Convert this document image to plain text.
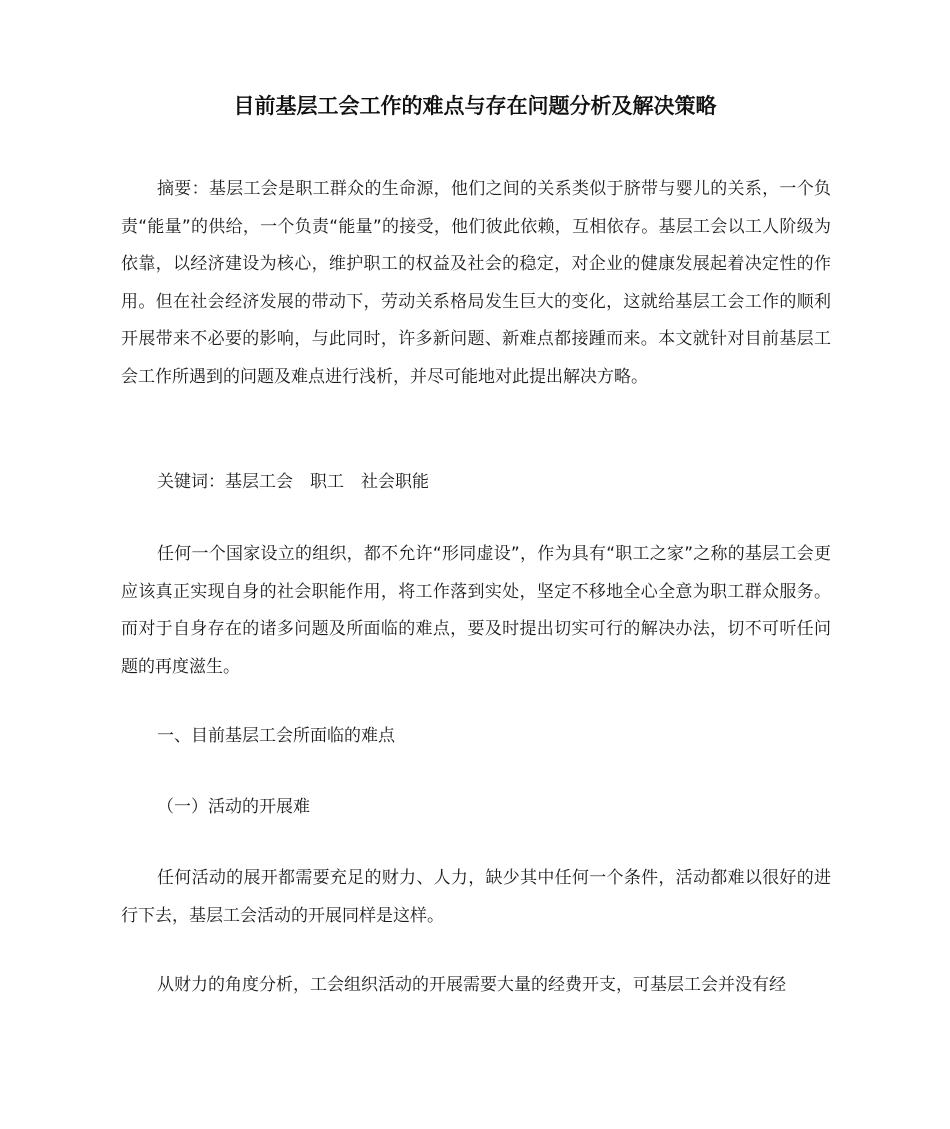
目前基层工会工作的难点与存在问题分析及解决策略

摘要：基层工会是职工群众的生命源，他们之间的关系类似于脐带与婴儿的关系，一个负责“能量”的供给，一个负责“能量”的接受，他们彼此依赖，互相依存。基层工会以工人阶级为依靠，以经济建设为核心，维护职工的权益及社会的稳定，对企业的健康发展起着决定性的作用。但在社会经济发展的带动下，劳动关系格局发生巨大的变化，这就给基层工会工作的顺利开展带来不必要的影响，与此同时，许多新问题、新难点都接踵而来。本文就针对目前基层工会工作所遇到的问题及难点进行浅析，并尽可能地对此提出解决方略。

关键词：基层工会　职工　社会职能

任何一个国家设立的组织，都不允许“形同虚设”，作为具有“职工之家”之称的基层工会更应该真正实现自身的社会职能作用，将工作落到实处，坚定不移地全心全意为职工群众服务。而对于自身存在的诸多问题及所面临的难点，要及时提出切实可行的解决办法，切不可听任问题的再度滋生。

一、目前基层工会所面临的难点

（一）活动的开展难

任何活动的展开都需要充足的财力、人力，缺少其中任何一个条件，活动都难以很好的进行下去，基层工会活动的开展同样是这样。

从财力的角度分析，工会组织活动的开展需要大量的经费开支，可基层工会并没有经
